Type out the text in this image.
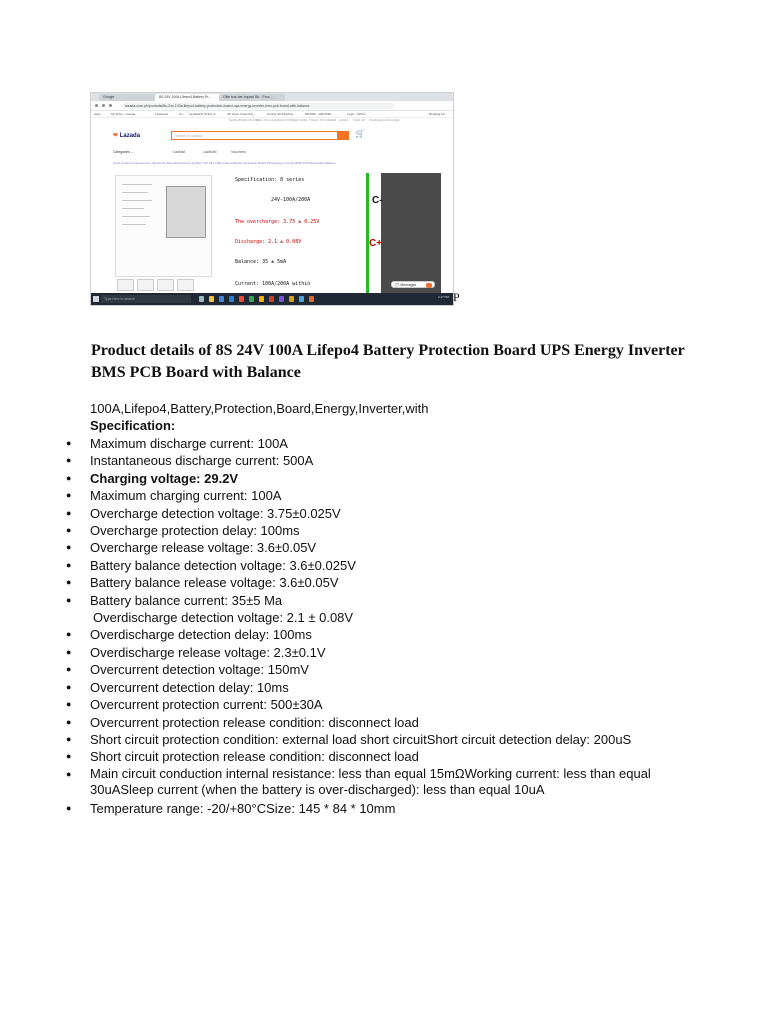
Google	8S 24V 100A Lifepo4 Battery Pr...	Ollie bus bar Impact Bo - Proc...
lazada.com.ph/products/8s-24v-100a-lifepo4-battery-protection-board-ups-energy-inverter-bms-pcb-board-with-balance
Apps	My Drive - Google...	Facebook	G+ LazadaPH Online S...	UP Open University...	Course 26 Readme...	BR3300 - ARK3200...	Login - UPOU	Reading list
SAVE MORE ON APP
SELL ON LAZADA CUSTOMER CARE TRACK MY ORDER LOGIN SIGN UP CHANGE LANGUAGE
❤ Lazada	Search in Lazada	🛒
Categories ⌄	LazMall	LazBuild	Vouchers
Tools & Home Improvement / Electrical / Electrical Circuitry & Parts / 8S 24V 100A Lifepo4 Battery Protection Board UPS Energy Inverter BMS PCB Board with Balance
Specification: 8 series
24V-100A/200A
The overcharge: 3.75 ± 0.25V
Discharge: 2.1 ± 0.08V
Balance: 35 ± 5mA
Current: 100A/200A within
C-
C+
💬 Messages
Type here to search	4:17 PM P
Product details of 8S 24V 100A Lifepo4 Battery Protection Board UPS Energy Inverter BMS PCB Board with Balance
100A,Lifepo4,Battery,Protection,Board,Energy,Inverter,with
Specification:
● Maximum discharge current: 100A
● Instantaneous discharge current: 500A
● Charging voltage: 29.2V
● Maximum charging current: 100A
● Overcharge detection voltage: 3.75±0.025V
● Overcharge protection delay: 100ms
● Overcharge release voltage: 3.6±0.05V
● Battery balance detection voltage: 3.6±0.025V
● Battery balance release voltage: 3.6±0.05V
● Battery balance current: 35±5 Ma
Overdischarge detection voltage: 2.1 ± 0.08V
● Overdischarge detection delay: 100ms
● Overdischarge release voltage: 2.3±0.1V
● Overcurrent detection voltage: 150mV
● Overcurrent detection delay: 10ms
● Overcurrent protection current: 500±30A
● Overcurrent protection release condition: disconnect load
● Short circuit protection condition: external load short circuitShort circuit detection delay: 200uS
● Short circuit protection release condition: disconnect load
● Main circuit conduction internal resistance: less than equal 15mΩWorking current: less than equal 30uASleep current (when the battery is over-discharged): less than equal 10uA
● Temperature range: -20/+80°CSize: 145 * 84 * 10mm
